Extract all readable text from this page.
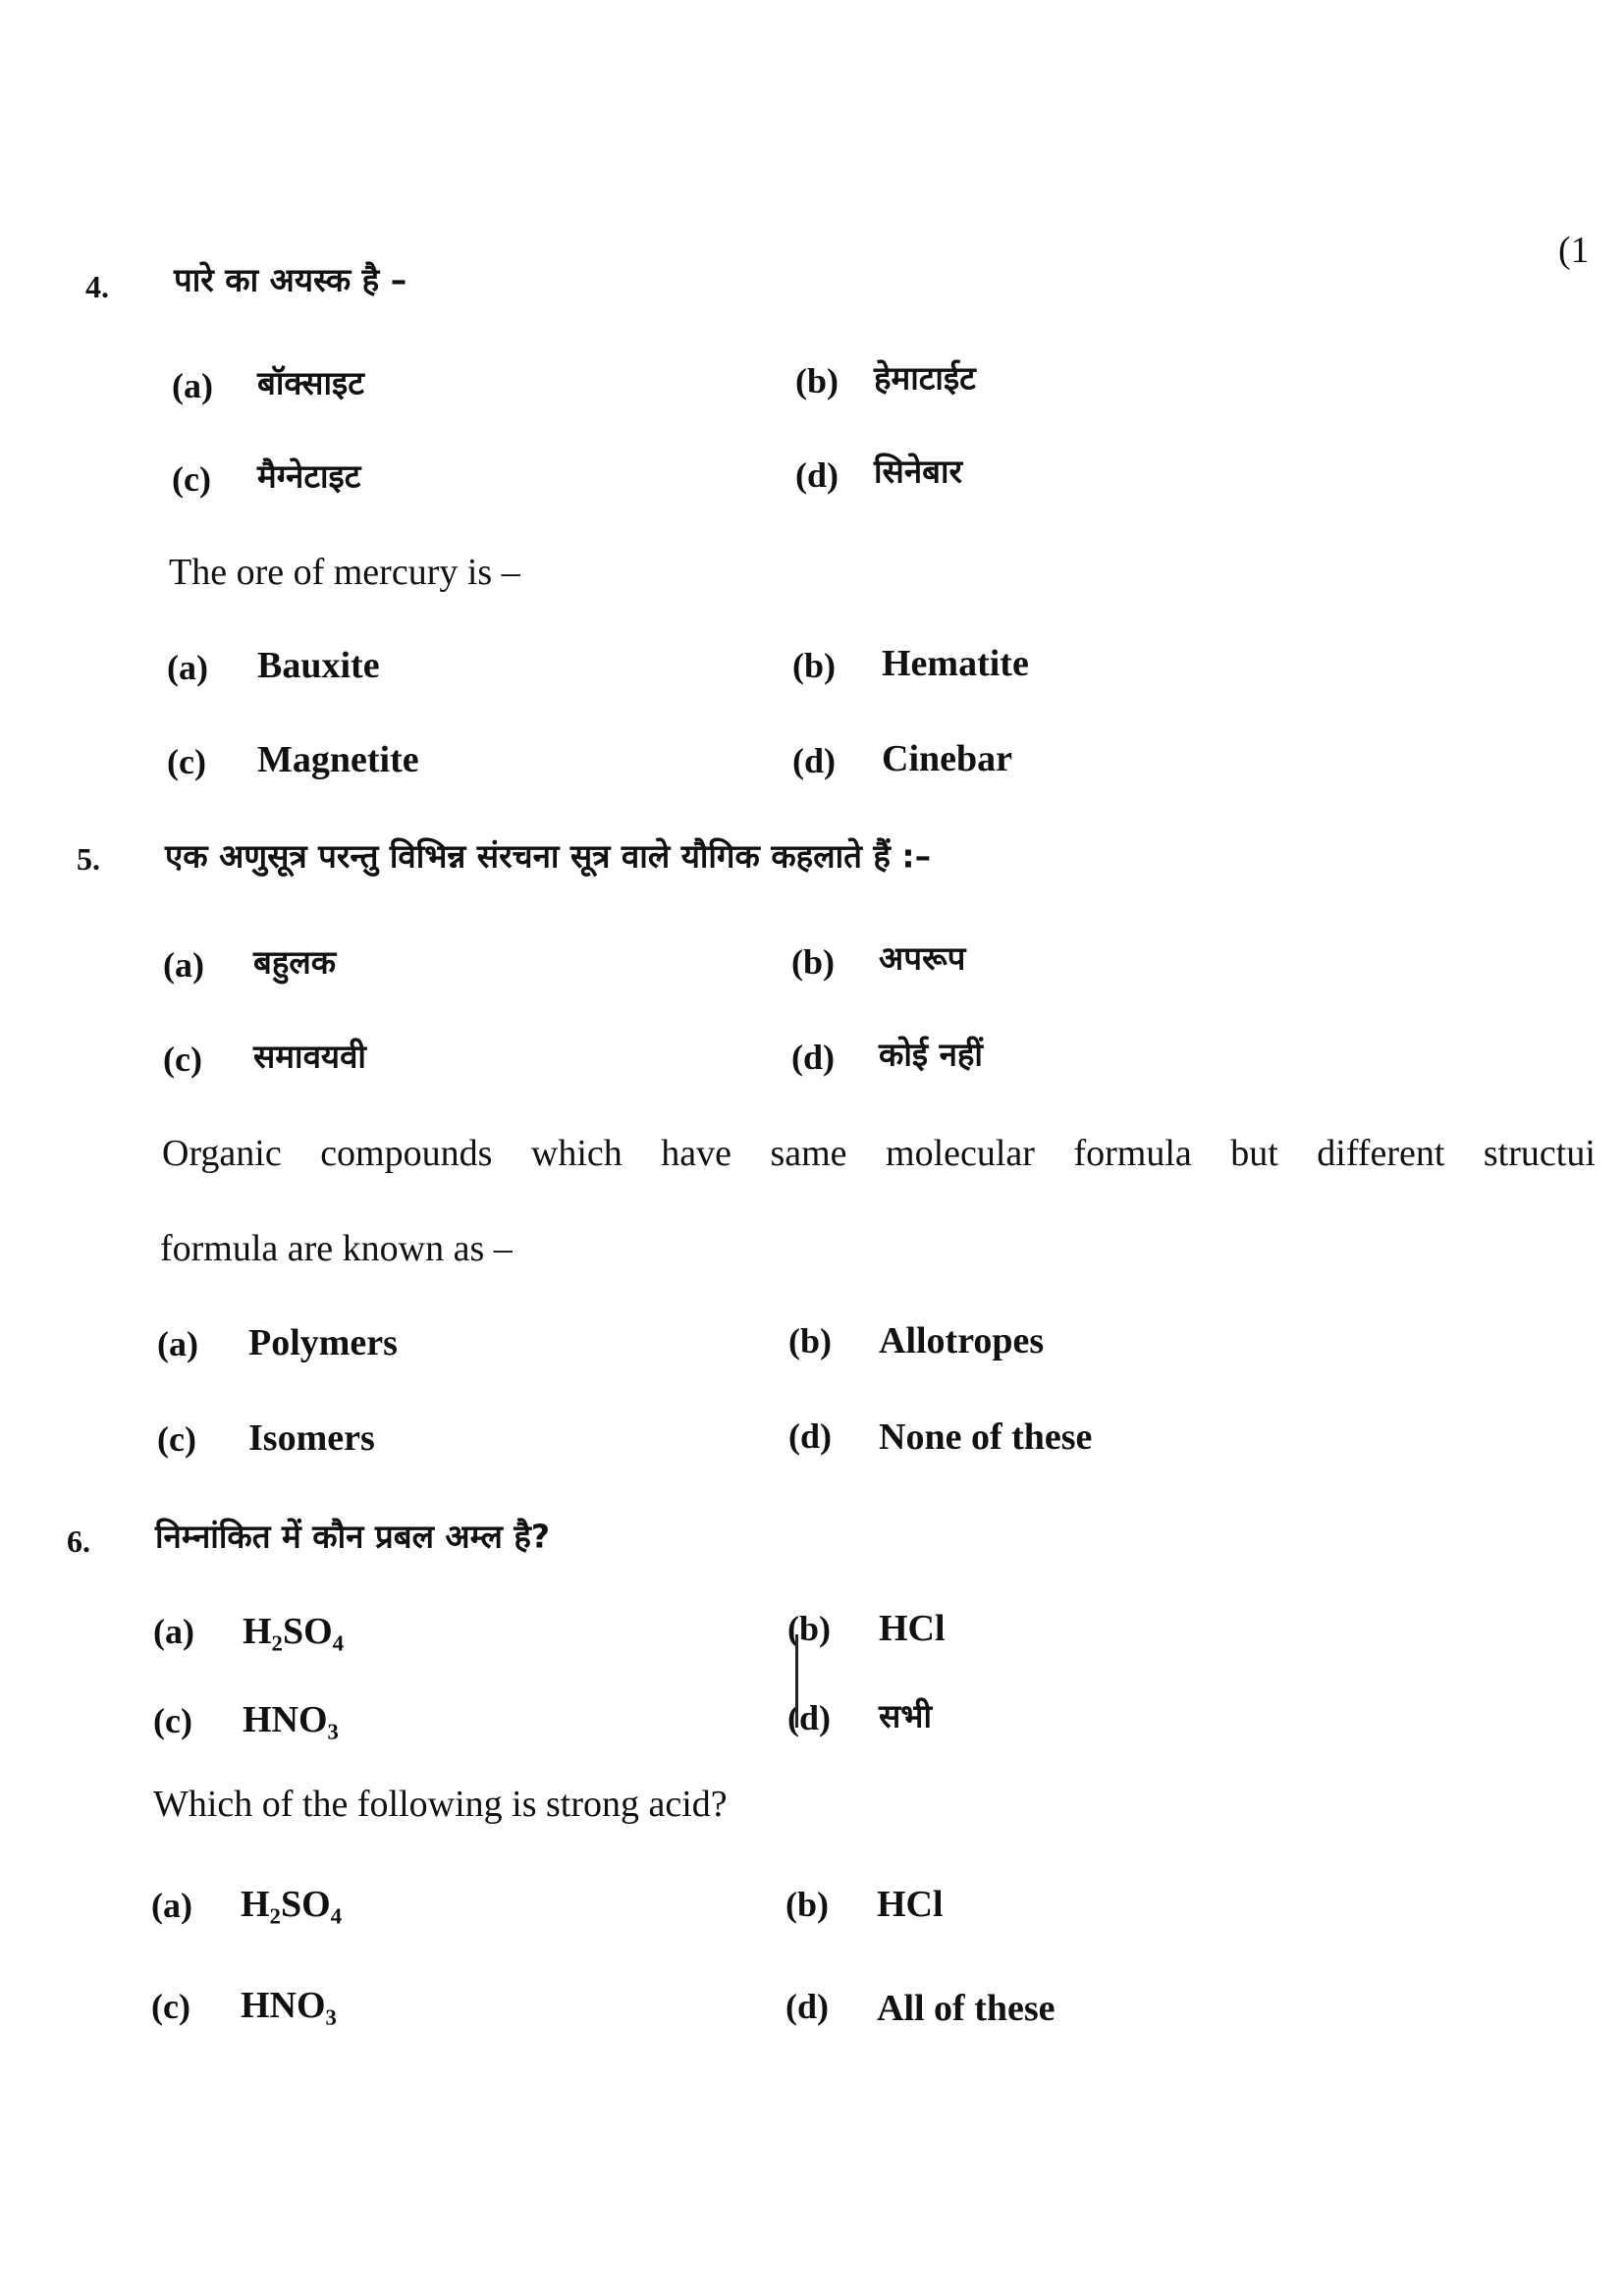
(1
4. पारे का अयस्क है –
(a) बॉक्साइट	(b) हेमाटाईट
(c) मैग्नेटाइट	(d) सिनेबार
The ore of mercury is –
(a) Bauxite	(b) Hematite
(c) Magnetite	(d) Cinebar
5. एक अणुसूत्र परन्तु विभिन्न संरचना सूत्र वाले यौगिक कहलाते हैं :–
(a) बहुलक	(b) अपरूप
(c) समावयवी	(d) कोई नहीं
Organic compounds which have same molecular formula but different structui
formula are known as –
(a) Polymers	(b) Allotropes
(c) Isomers	(d) None of these
6. निम्नांकित में कौन प्रबल अम्ल है?
(a) H₂SO₄	(b) HCl
(c) HNO₃	(d) सभी
Which of the following is strong acid?
(a) H₂SO₄	(b) HCl
(c) HNO₃	(d) All of these
